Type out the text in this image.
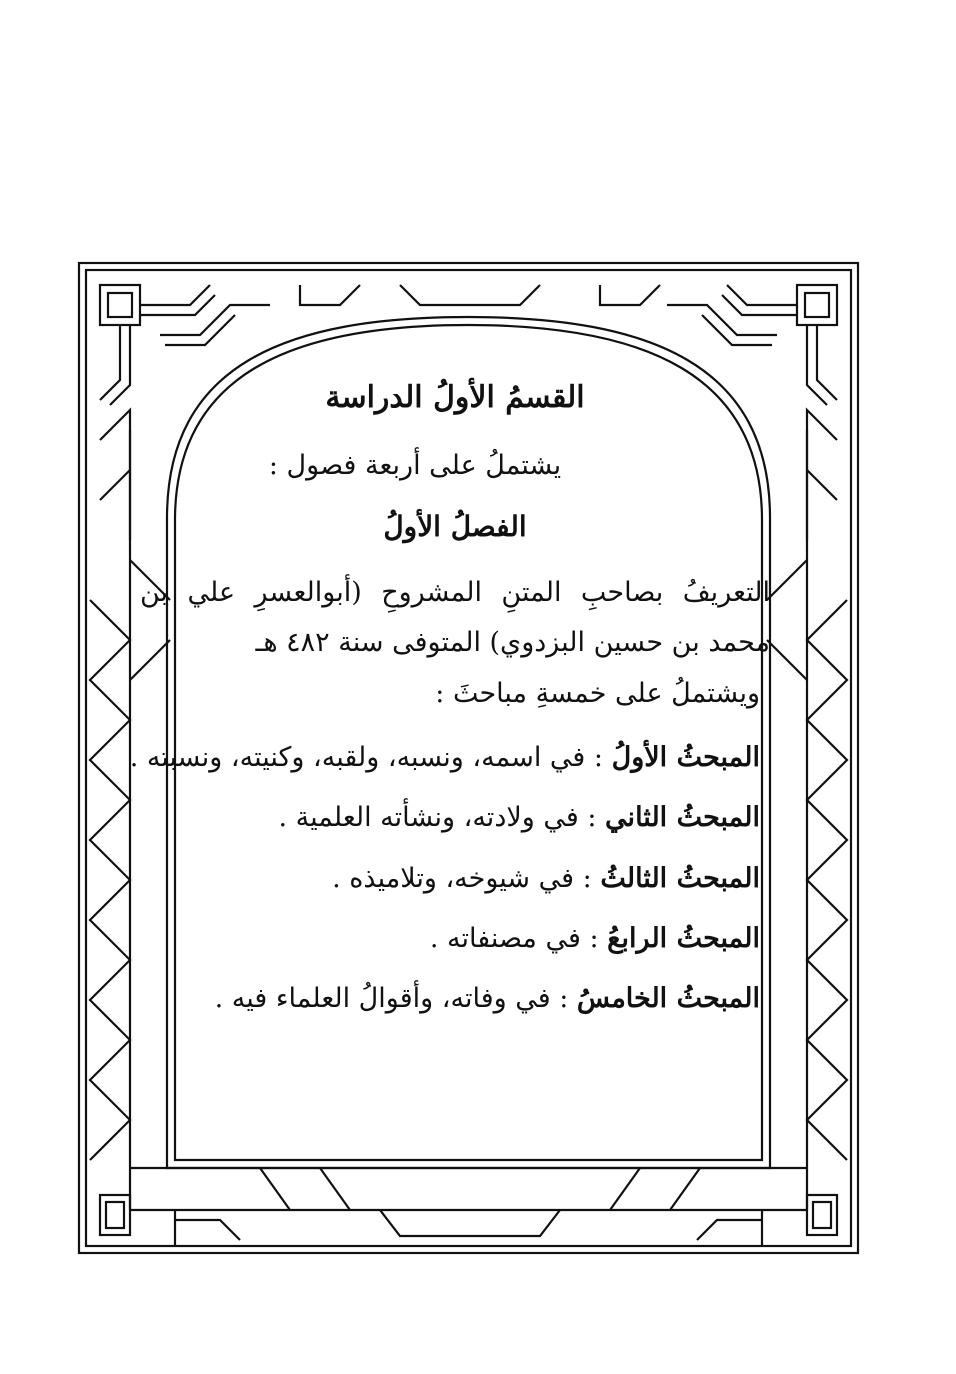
القسمُ الأولُ الدراسة
يشتملُ على أربعة فصول :
الفصلُ الأولُ
التعريفُ بصاحبِ المتنِ المشروحِ (أبوالعسرِ علي بن محمد بن حسين البزدوي) المتوفى سنة ٤٨٢ هـ
ويشتملُ على خمسةِ مباحثَ :
المبحثُ الأولُ : في اسمه، ونسبه، ولقبه، وكنيته، ونسبته .
المبحثُ الثاني : في ولادته، ونشأته العلمية .
المبحثُ الثالثُ : في شيوخه، وتلاميذه .
المبحثُ الرابعُ : في مصنفاته .
المبحثُ الخامسُ : في وفاته، وأقوالُ العلماء فيه .
